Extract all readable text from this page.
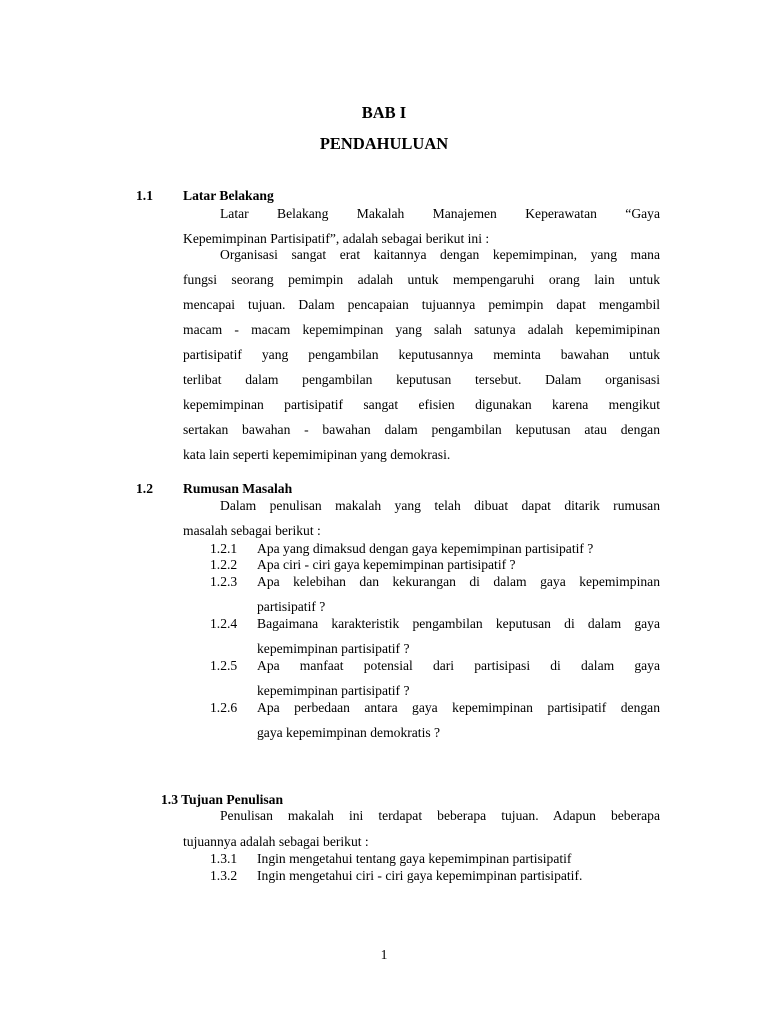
BAB I
PENDAHULUAN
1.1 Latar Belakang
Latar Belakang Makalah Manajemen Keperawatan “Gaya
Kepemimpinan Partisipatif”, adalah sebagai berikut ini :
Organisasi sangat erat kaitannya dengan kepemimpinan, yang mana
fungsi seorang pemimpin adalah untuk mempengaruhi orang lain untuk
mencapai tujuan. Dalam pencapaian tujuannya pemimpin dapat mengambil
macam - macam kepemimpinan yang salah satunya adalah kepemimipinan
partisipatif yang pengambilan keputusannya meminta bawahan untuk
terlibat dalam pengambilan keputusan tersebut. Dalam organisasi
kepemimpinan partisipatif sangat efisien digunakan karena mengikut
sertakan bawahan - bawahan dalam pengambilan keputusan atau dengan
kata lain seperti kepemimipinan yang demokrasi.
1.2 Rumusan Masalah
Dalam penulisan makalah yang telah dibuat dapat ditarik rumusan
masalah sebagai berikut :
1.2.1 Apa yang dimaksud dengan gaya kepemimpinan partisipatif ?
1.2.2 Apa ciri - ciri gaya kepemimpinan partisipatif ?
1.2.3 Apa kelebihan dan kekurangan di dalam gaya kepemimpinan
partisipatif ?
1.2.4 Bagaimana karakteristik pengambilan keputusan di dalam gaya
kepemimpinan partisipatif ?
1.2.5 Apa manfaat potensial dari partisipasi di dalam gaya
kepemimpinan partisipatif ?
1.2.6 Apa perbedaan antara gaya kepemimpinan partisipatif dengan
gaya kepemimpinan demokratis ?
1.3 Tujuan Penulisan
Penulisan makalah ini terdapat beberapa tujuan. Adapun beberapa
tujuannya adalah sebagai berikut :
1.3.1 Ingin mengetahui tentang gaya kepemimpinan partisipatif
1.3.2 Ingin mengetahui ciri - ciri gaya kepemimpinan partisipatif.
1
